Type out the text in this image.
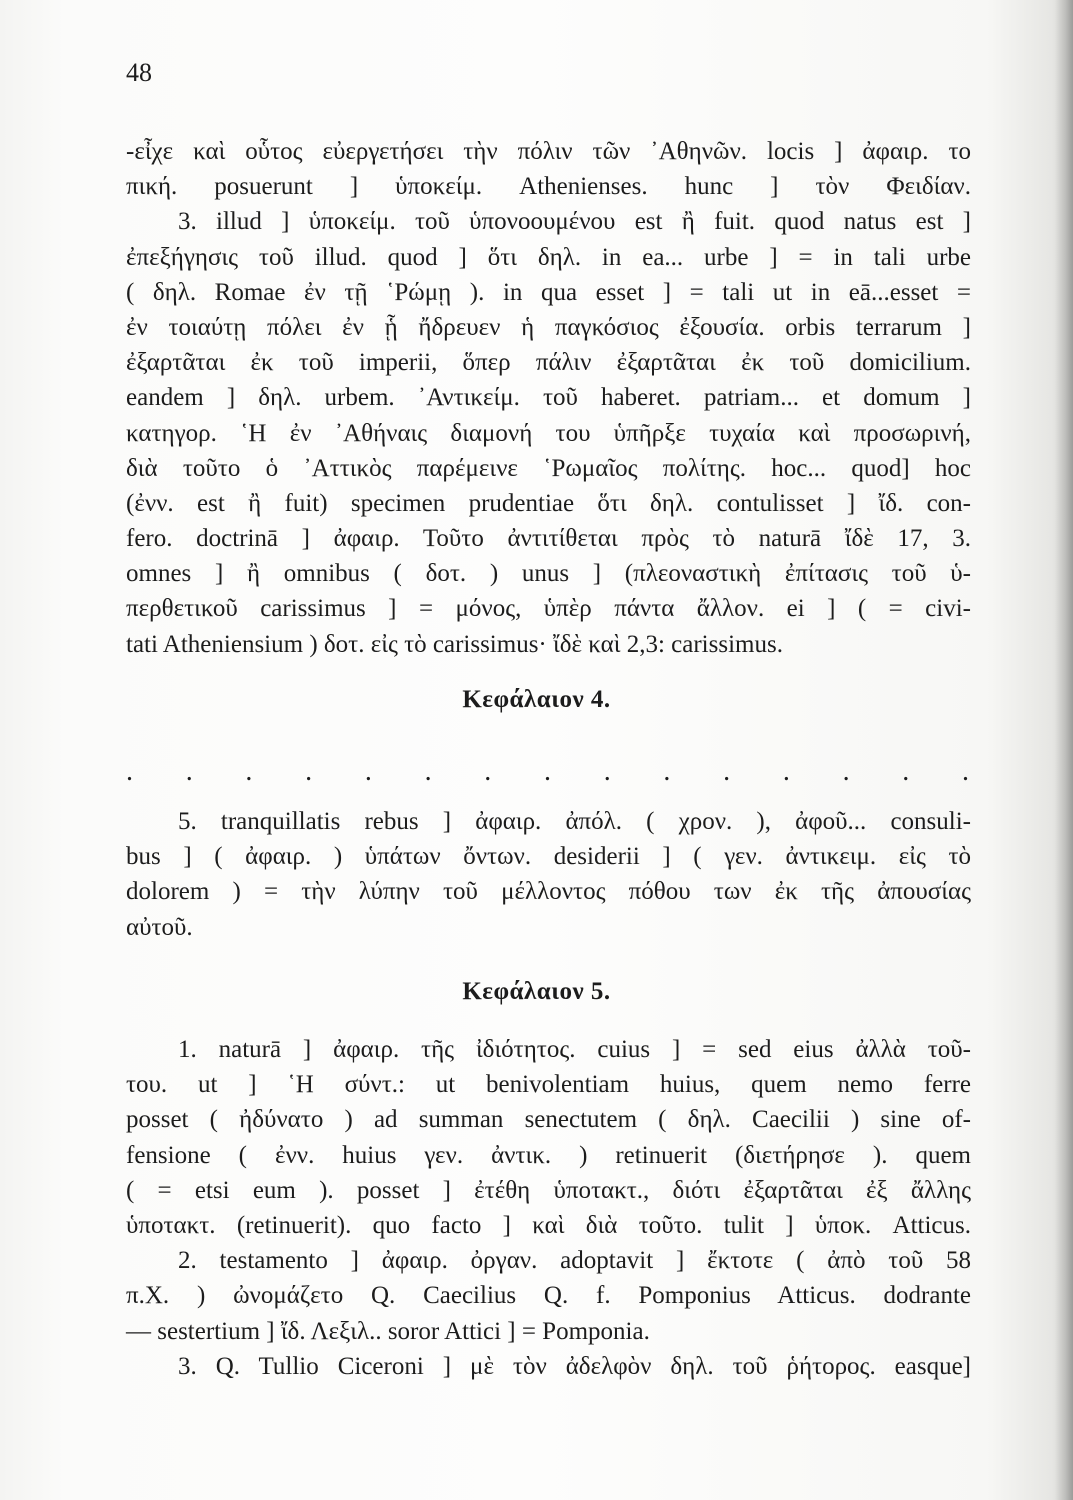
48
-εἶχε καὶ οὗτος εὐεργετήσει τὴν πόλιν τῶν ᾿Αθηνῶν. locis ] ἀφαιρ. το
πική. posuerunt ] ὑποκείμ. Athenienses. hunc ] τὸν Φειδίαν.
3. illud ] ὑποκείμ. τοῦ ὑπονοουμένου est ἢ fuit. quod natus est ]
ἐπεξήγησις τοῦ illud. quod ] ὅτι δηλ. in ea... urbe ] = in tali urbe
( δηλ. Romae ἐν τῇ ῾Ρώμῃ ). in qua esset ] = tali ut in eā...esset =
ἐν τοιαύτῃ πόλει ἐν ᾗ ἤδρευεν ἡ παγκόσιος ἐξουσία. orbis terrarum ]
ἐξαρτᾶται ἐκ τοῦ imperii, ὅπερ πάλιν ἐξαρτᾶται ἐκ τοῦ domicilium.
eandem ] δηλ. urbem. ᾿Αντικείμ. τοῦ haberet. patriam... et domum ]
κατηγορ. ῾Η ἐν ᾿Αθήναις διαμονή του ὑπῆρξε τυχαία καὶ προσωρινή,
διὰ τοῦτο ὁ ᾿Αττικὸς παρέμεινε ῾Ρωμαῖος πολίτης. hoc... quod] hoc
(ἐνν. est ἢ fuit) specimen prudentiae ὅτι δηλ. contulisset ] ἴδ. con-
fero. doctrinā ] ἀφαιρ. Τοῦτο ἀντιτίθεται πρὸς τὸ naturā ἴδὲ 17, 3.
omnes ] ἢ omnibus ( δοτ. ) unus ] (πλεοναστικὴ ἐπίτασις τοῦ ὑ-
περθετικοῦ carissimus ] = μόνος, ὑπὲρ πάντα ἄλλον. ei ] ( = civi-
tati Atheniensium ) δοτ. εἰς τὸ carissimus· ἴδὲ καὶ 2,3: carissimus.
Κεφάλαιον 4.
. . . . . . . . . . . . . . .
5. tranquillatis rebus ] ἀφαιρ. ἀπόλ. ( χρον. ), ἀφοῦ... consuli-
bus ] ( ἀφαιρ. ) ὑπάτων ὄντων. desiderii ] ( γεν. ἀντικειμ. εἰς τὸ
dolorem ) = τὴν λύπην τοῦ μέλλοντος πόθου των ἐκ τῆς ἀπουσίας
αὐτοῦ.
Κεφάλαιον 5.
1. naturā ] ἀφαιρ. τῆς ἰδιότητος. cuius ] = sed eius ἀλλὰ τοῦ-
του. ut ] ῾Η σύντ.: ut benivolentiam huius, quem nemo ferre
posset ( ἠδύνατο ) ad summan senectutem ( δηλ. Caecilii ) sine of-
fensione ( ἐνν. huius γεν. ἀντικ. ) retinuerit (διετήρησε ). quem
( = etsi eum ). posset ] ἐτέθη ὑποτακτ., διότι ἐξαρτᾶται ἐξ ἄλλης
ὑποτακτ. (retinuerit). quo facto ] καὶ διὰ τοῦτο. tulit ] ὑποκ. Atticus.
2. testamento ] ἀφαιρ. ὀργαν. adoptavit ] ἔκτοτε ( ἀπὸ τοῦ 58
π.Χ. ) ὠνομάζετο Q. Caecilius Q. f. Pomponius Atticus. dodrante
— sestertium ] ἴδ. Λεξιλ.. soror Attici ] = Pomponia.
3. Q. Tullio Ciceroni ] μὲ τὸν ἀδελφὸν δηλ. τοῦ ῥήτορος. easque]
